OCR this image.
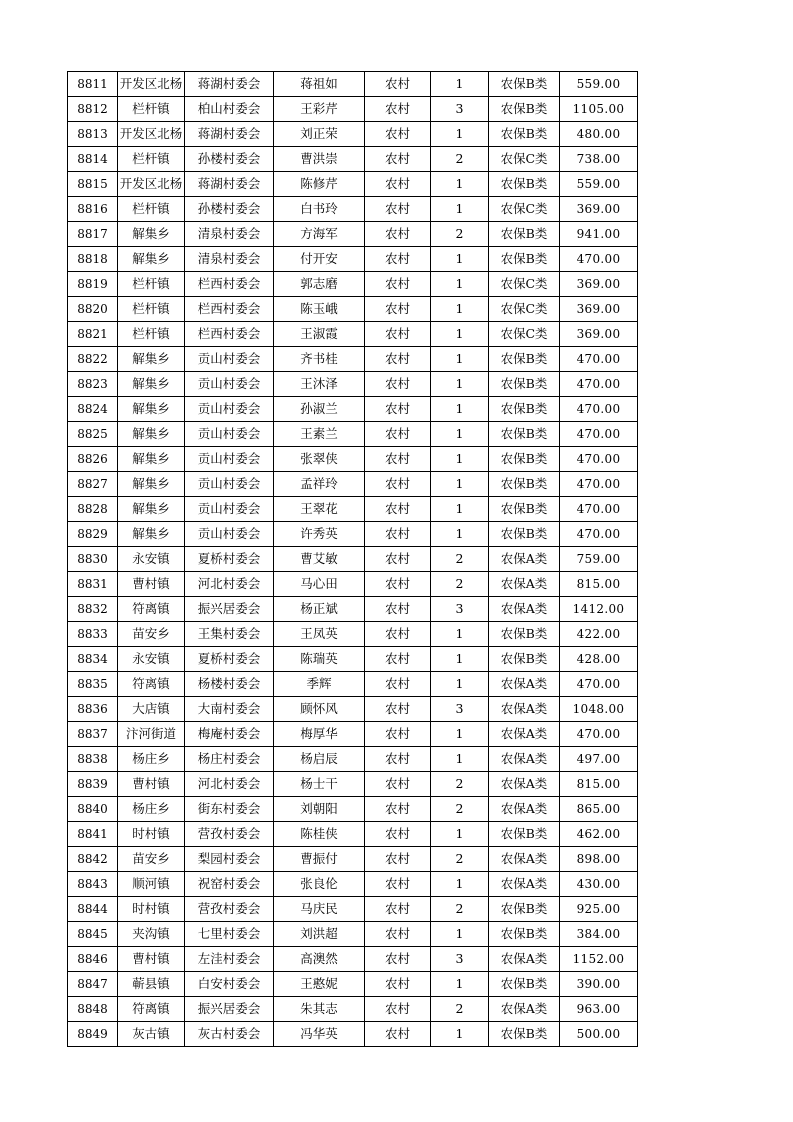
8811	开发区北杨	蒋湖村委会	蒋祖如	农村	1	农保B类	559.00
8812	栏杆镇	柏山村委会	王彩芹	农村	3	农保B类	1105.00
8813	开发区北杨	蒋湖村委会	刘正荣	农村	1	农保B类	480.00
8814	栏杆镇	孙楼村委会	曹洪崇	农村	2	农保C类	738.00
8815	开发区北杨	蒋湖村委会	陈修芹	农村	1	农保B类	559.00
8816	栏杆镇	孙楼村委会	白书玲	农村	1	农保C类	369.00
8817	解集乡	清泉村委会	方海军	农村	2	农保B类	941.00
8818	解集乡	清泉村委会	付开安	农村	1	农保B类	470.00
8819	栏杆镇	栏西村委会	郭志磨	农村	1	农保C类	369.00
8820	栏杆镇	栏西村委会	陈玉峨	农村	1	农保C类	369.00
8821	栏杆镇	栏西村委会	王淑霞	农村	1	农保C类	369.00
8822	解集乡	贡山村委会	齐书桂	农村	1	农保B类	470.00
8823	解集乡	贡山村委会	王沐泽	农村	1	农保B类	470.00
8824	解集乡	贡山村委会	孙淑兰	农村	1	农保B类	470.00
8825	解集乡	贡山村委会	王素兰	农村	1	农保B类	470.00
8826	解集乡	贡山村委会	张翠侠	农村	1	农保B类	470.00
8827	解集乡	贡山村委会	孟祥玲	农村	1	农保B类	470.00
8828	解集乡	贡山村委会	王翠花	农村	1	农保B类	470.00
8829	解集乡	贡山村委会	许秀英	农村	1	农保B类	470.00
8830	永安镇	夏桥村委会	曹艾敏	农村	2	农保A类	759.00
8831	曹村镇	河北村委会	马心田	农村	2	农保A类	815.00
8832	符离镇	振兴居委会	杨正斌	农村	3	农保A类	1412.00
8833	苗安乡	王集村委会	王凤英	农村	1	农保B类	422.00
8834	永安镇	夏桥村委会	陈瑞英	农村	1	农保B类	428.00
8835	符离镇	杨楼村委会	季辉	农村	1	农保A类	470.00
8836	大店镇	大南村委会	顾怀风	农村	3	农保A类	1048.00
8837	汴河街道	梅庵村委会	梅厚华	农村	1	农保A类	470.00
8838	杨庄乡	杨庄村委会	杨启辰	农村	1	农保A类	497.00
8839	曹村镇	河北村委会	杨士干	农村	2	农保A类	815.00
8840	杨庄乡	街东村委会	刘朝阳	农村	2	农保A类	865.00
8841	时村镇	营孜村委会	陈桂侠	农村	1	农保B类	462.00
8842	苗安乡	梨园村委会	曹振付	农村	2	农保A类	898.00
8843	顺河镇	祝窑村委会	张良伦	农村	1	农保A类	430.00
8844	时村镇	营孜村委会	马庆民	农村	2	农保B类	925.00
8845	夹沟镇	七里村委会	刘洪超	农村	1	农保B类	384.00
8846	曹村镇	左洼村委会	高澳然	农村	3	农保A类	1152.00
8847	蕲县镇	白安村委会	王憨妮	农村	1	农保B类	390.00
8848	符离镇	振兴居委会	朱其志	农村	2	农保A类	963.00
8849	灰古镇	灰古村委会	冯华英	农村	1	农保B类	500.00
